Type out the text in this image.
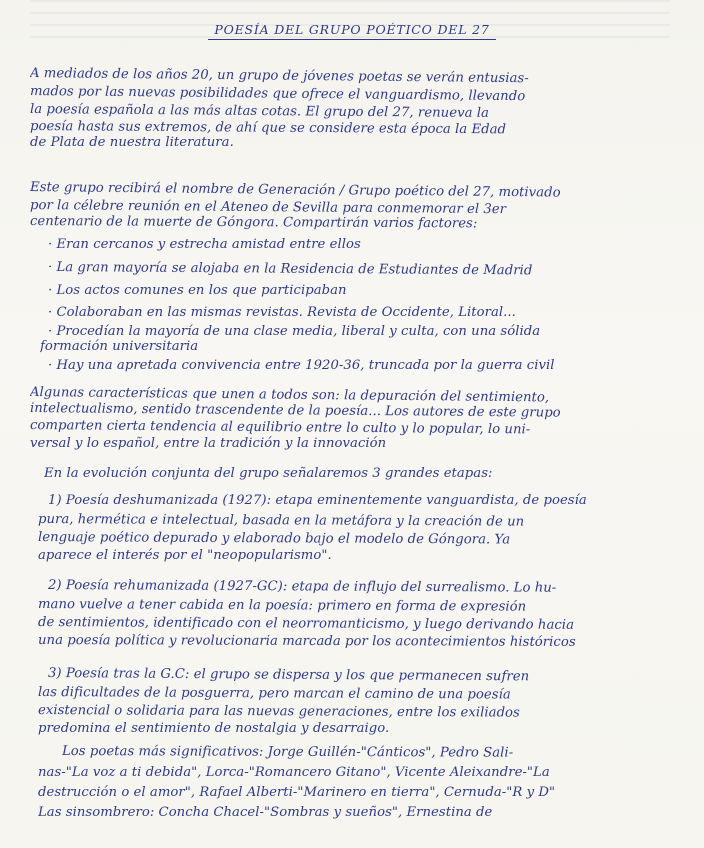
POESÍA DEL GRUPO POÉTICO DEL 27
A mediados de los años 20, un grupo de jóvenes poetas se verán entusias-
mados por las nuevas posibilidades que ofrece el vanguardismo, llevando
la poesía española a las más altas cotas. El grupo del 27, renueva la
poesía hasta sus extremos, de ahí que se considere esta época la Edad
de Plata de nuestra literatura.
Este grupo recibirá el nombre de Generación / Grupo poético del 27, motivado
por la célebre reunión en el Ateneo de Sevilla para conmemorar el 3er
centenario de la muerte de Góngora. Compartirán varios factores:
· Eran cercanos y estrecha amistad entre ellos
· La gran mayoría se alojaba en la Residencia de Estudiantes de Madrid
· Los actos comunes en los que participaban
· Colaboraban en las mismas revistas. Revista de Occidente, Litoral...
· Procedían la mayoría de una clase media, liberal y culta, con una sólida
formación universitaria
· Hay una apretada convivencia entre 1920-36, truncada por la guerra civil
Algunas características que unen a todos son: la depuración del sentimiento,
intelectualismo, sentido trascendente de la poesía... Los autores de este grupo
comparten cierta tendencia al equilibrio entre lo culto y lo popular, lo uni-
versal y lo español, entre la tradición y la innovación
En la evolución conjunta del grupo señalaremos 3 grandes etapas:
1) Poesía deshumanizada (1927): etapa eminentemente vanguardista, de poesía
pura, hermética e intelectual, basada en la metáfora y la creación de un
lenguaje poético depurado y elaborado bajo el modelo de Góngora. Ya
aparece el interés por el "neopopularismo".
2) Poesía rehumanizada (1927-GC): etapa de influjo del surrealismo. Lo hu-
mano vuelve a tener cabida en la poesía: primero en forma de expresión
de sentimientos, identificado con el neorromanticismo, y luego derivando hacia
una poesía política y revolucionaria marcada por los acontecimientos históricos
3) Poesía tras la G.C: el grupo se dispersa y los que permanecen sufren
las dificultades de la posguerra, pero marcan el camino de una poesía
existencial o solidaria para las nuevas generaciones, entre los exiliados
predomina el sentimiento de nostalgia y desarraigo.
Los poetas más significativos: Jorge Guillén-"Cánticos", Pedro Sali-
nas-"La voz a ti debida", Lorca-"Romancero Gitano", Vicente Aleixandre-"La
destrucción o el amor", Rafael Alberti-"Marinero en tierra", Cernuda-"R y D"
Las sinsombrero: Concha Chacel-"Sombras y sueños", Ernestina de
